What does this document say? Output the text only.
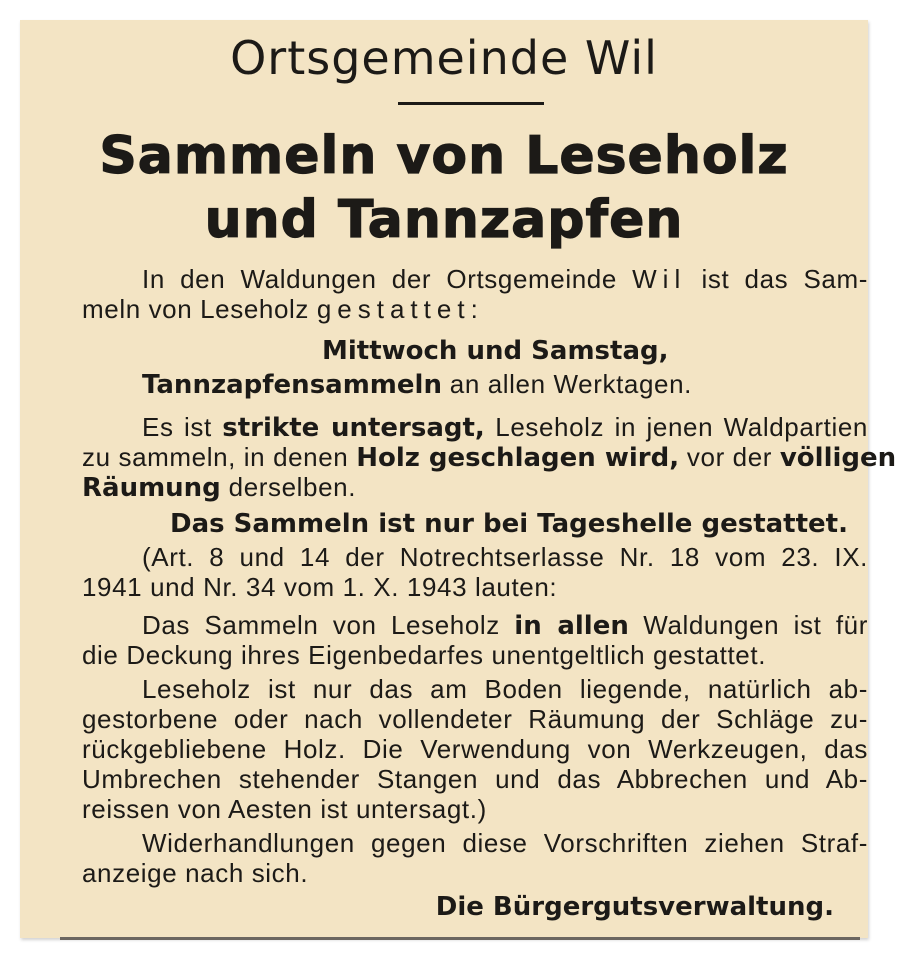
Ortsgemeinde Wil
Sammeln von Leseholz
und Tannzapfen
In den Waldungen der Ortsgemeinde Wil ist das Sam-
meln von Leseholz gestattet:
Mittwoch und Samstag,
Tannzapfensammeln an allen Werktagen.
Es ist strikte untersagt, Leseholz in jenen Waldpartien
zu sammeln, in denen Holz geschlagen wird, vor der völligen
Räumung derselben.
Das Sammeln ist nur bei Tageshelle gestattet.
(Art. 8 und 14 der Notrechtserlasse Nr. 18 vom 23. IX.
1941 und Nr. 34 vom 1. X. 1943 lauten:
Das Sammeln von Leseholz in allen Waldungen ist für
die Deckung ihres Eigenbedarfes unentgeltlich gestattet.
Leseholz ist nur das am Boden liegende, natürlich ab-
gestorbene oder nach vollendeter Räumung der Schläge zu-
rückgebliebene Holz. Die Verwendung von Werkzeugen, das
Umbrechen stehender Stangen und das Abbrechen und Ab-
reissen von Aesten ist untersagt.)
Widerhandlungen gegen diese Vorschriften ziehen Straf-
anzeige nach sich.
Die Bürgergutsverwaltung.
